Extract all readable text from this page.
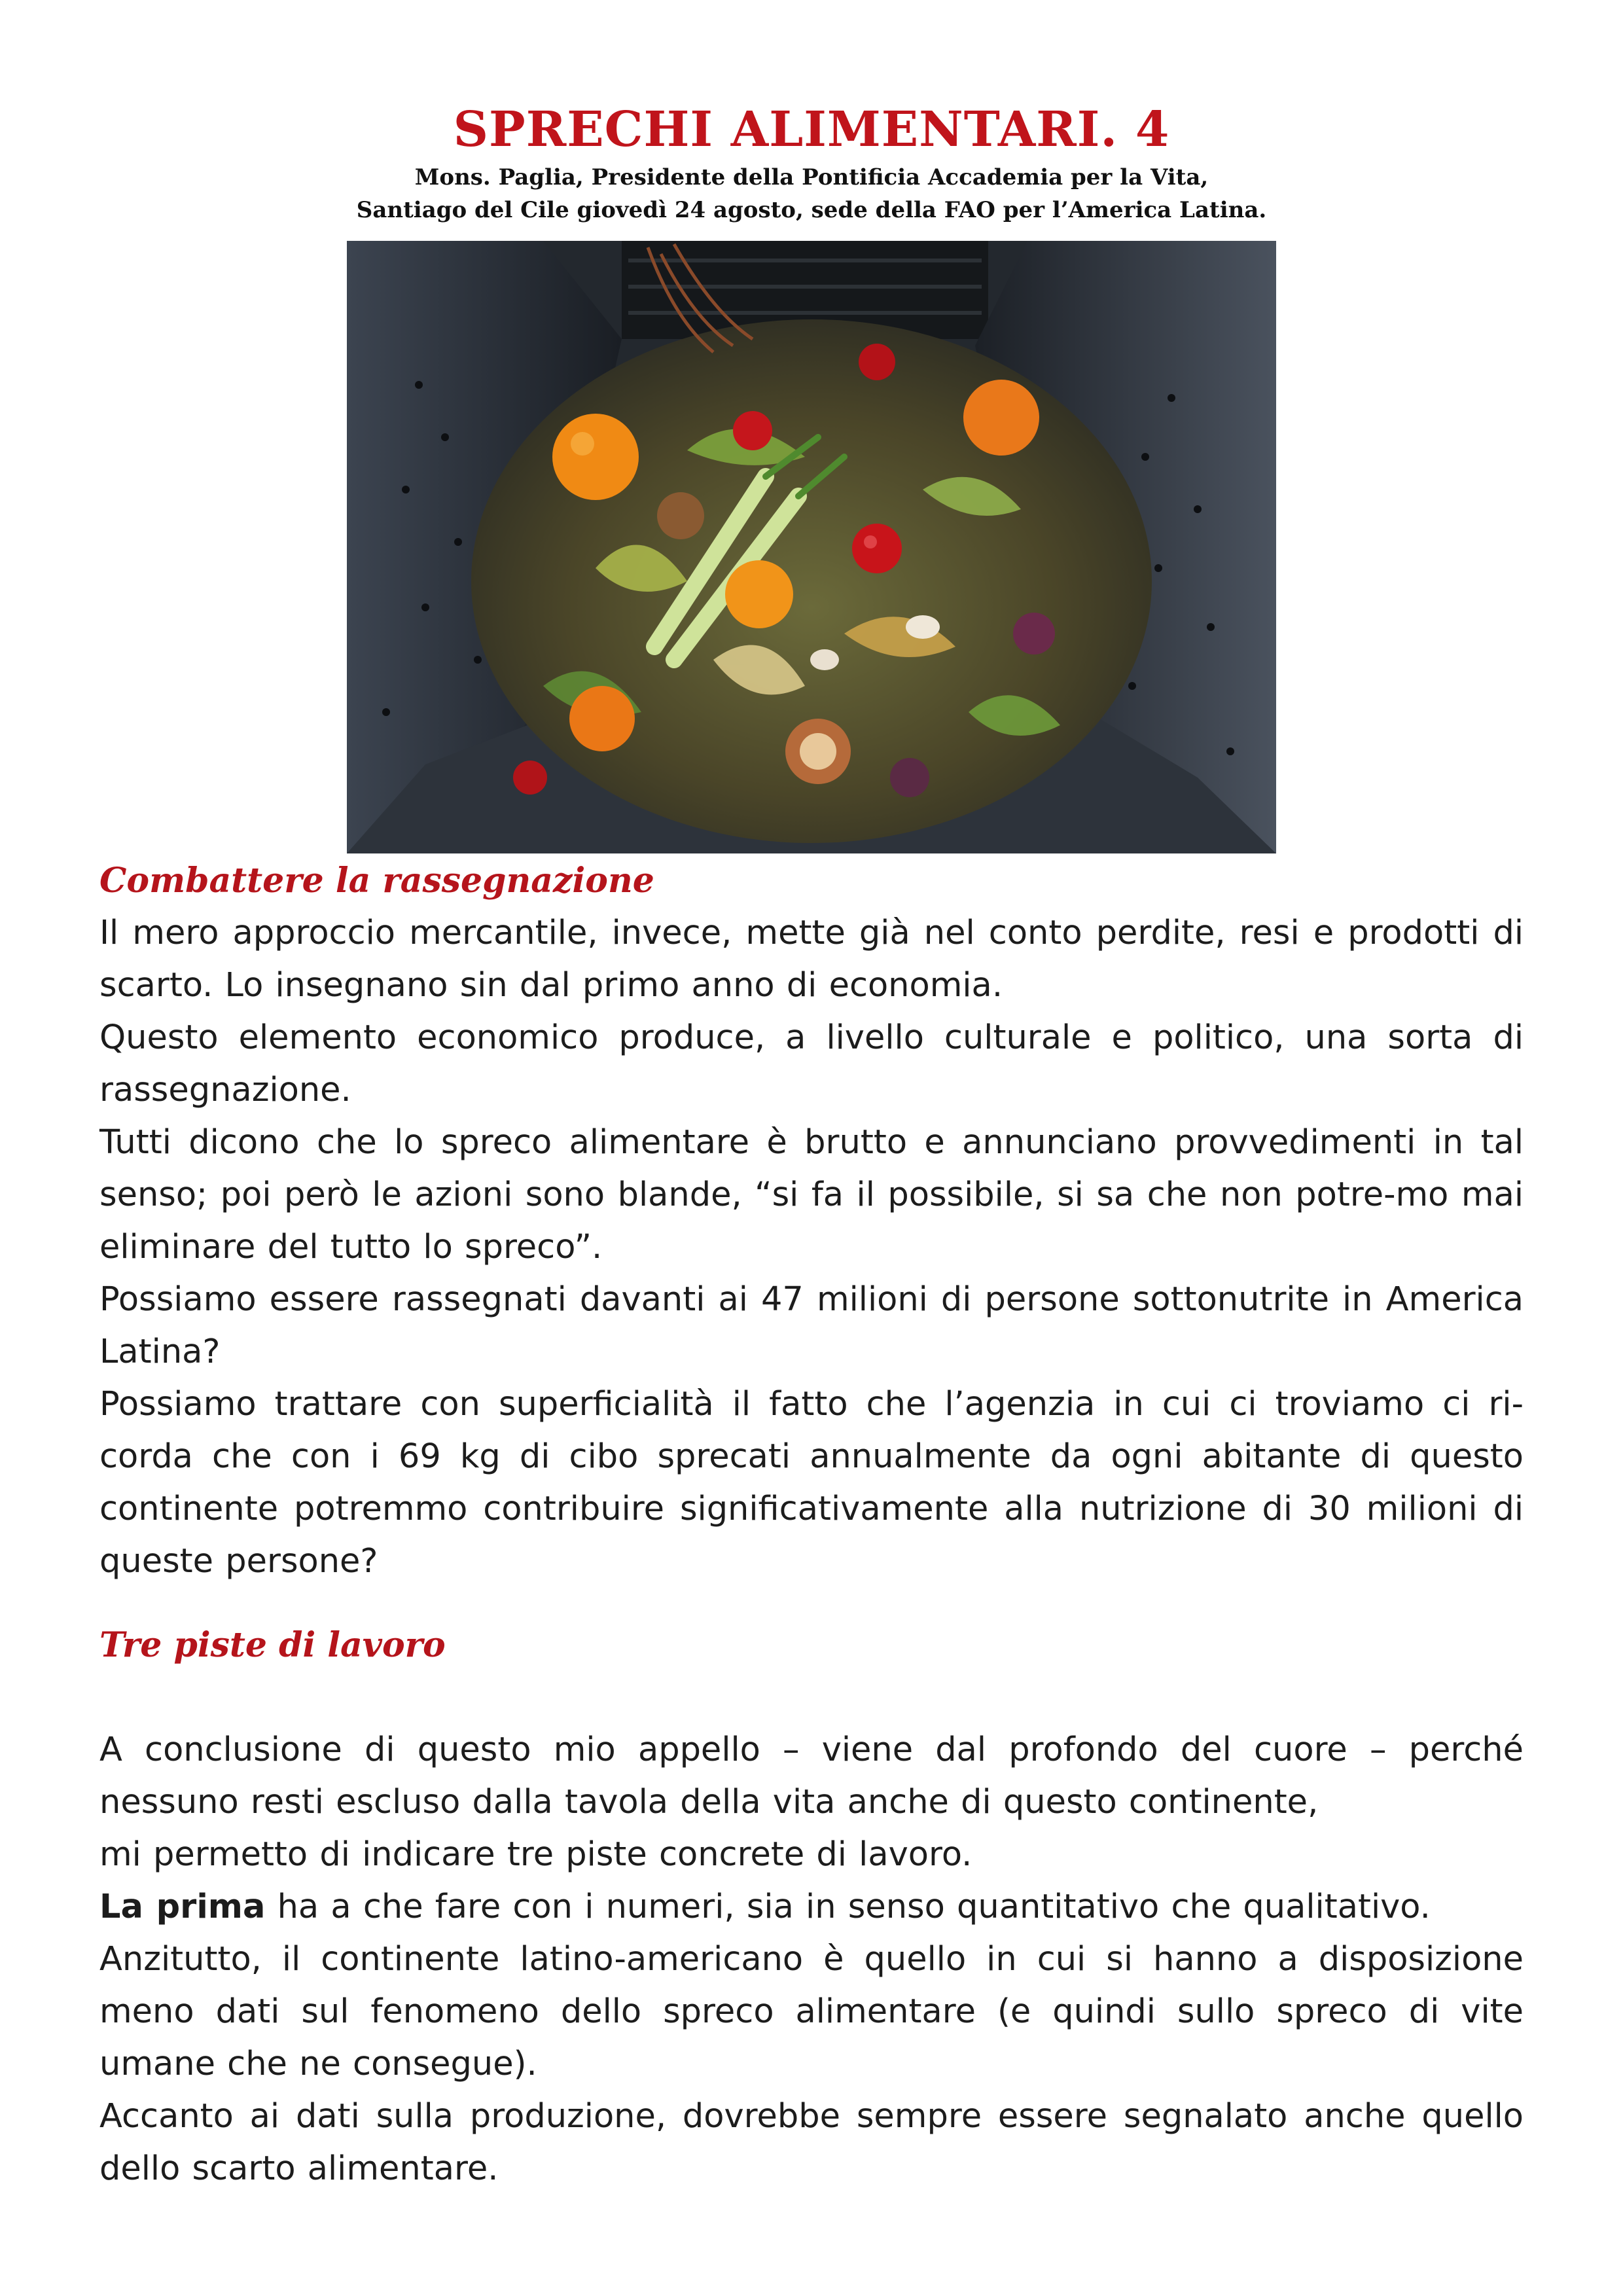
SPRECHI ALIMENTARI. 4

Mons. Paglia, Presidente della Pontificia Accademia per la Vita,

Santiago del Cile giovedì 24 agosto, sede della FAO per l’America Latina.

Combattere la rassegnazione

Il mero approccio mercantile, invece, mette già nel conto perdite, resi e prodotti di scarto. Lo insegnano sin dal primo anno di economia.

Questo elemento economico produce, a livello culturale e politico, una sorta di rassegnazione.

Tutti dicono che lo spreco alimentare è brutto e annunciano provvedimenti in tal senso; poi però le azioni sono blande, “si fa il possibile, si sa che non potre-mo mai eliminare del tutto lo spreco”.

Possiamo essere rassegnati davanti ai 47 milioni di persone sottonutrite in America Latina?

Possiamo trattare con superficialità il fatto che l’agenzia in cui ci troviamo ci ri-corda che con i 69 kg di cibo sprecati annualmente da ogni abitante di questo continente potremmo contribuire significativamente alla nutrizione di 30 milioni di queste persone?

Tre piste di lavoro

A conclusione di questo mio appello – viene dal profondo del cuore – perché

nessuno resti escluso dalla tavola della vita anche di questo continente,

mi permetto di indicare tre piste concrete di lavoro.

La prima ha a che fare con i numeri, sia in senso quantitativo che qualitativo.

Anzitutto, il continente latino-americano è quello in cui si hanno a disposizione meno dati sul fenomeno dello spreco alimentare (e quindi sullo spreco di vite umane che ne consegue).

Accanto ai dati sulla produzione, dovrebbe sempre essere segnalato anche quello dello scarto alimentare.
